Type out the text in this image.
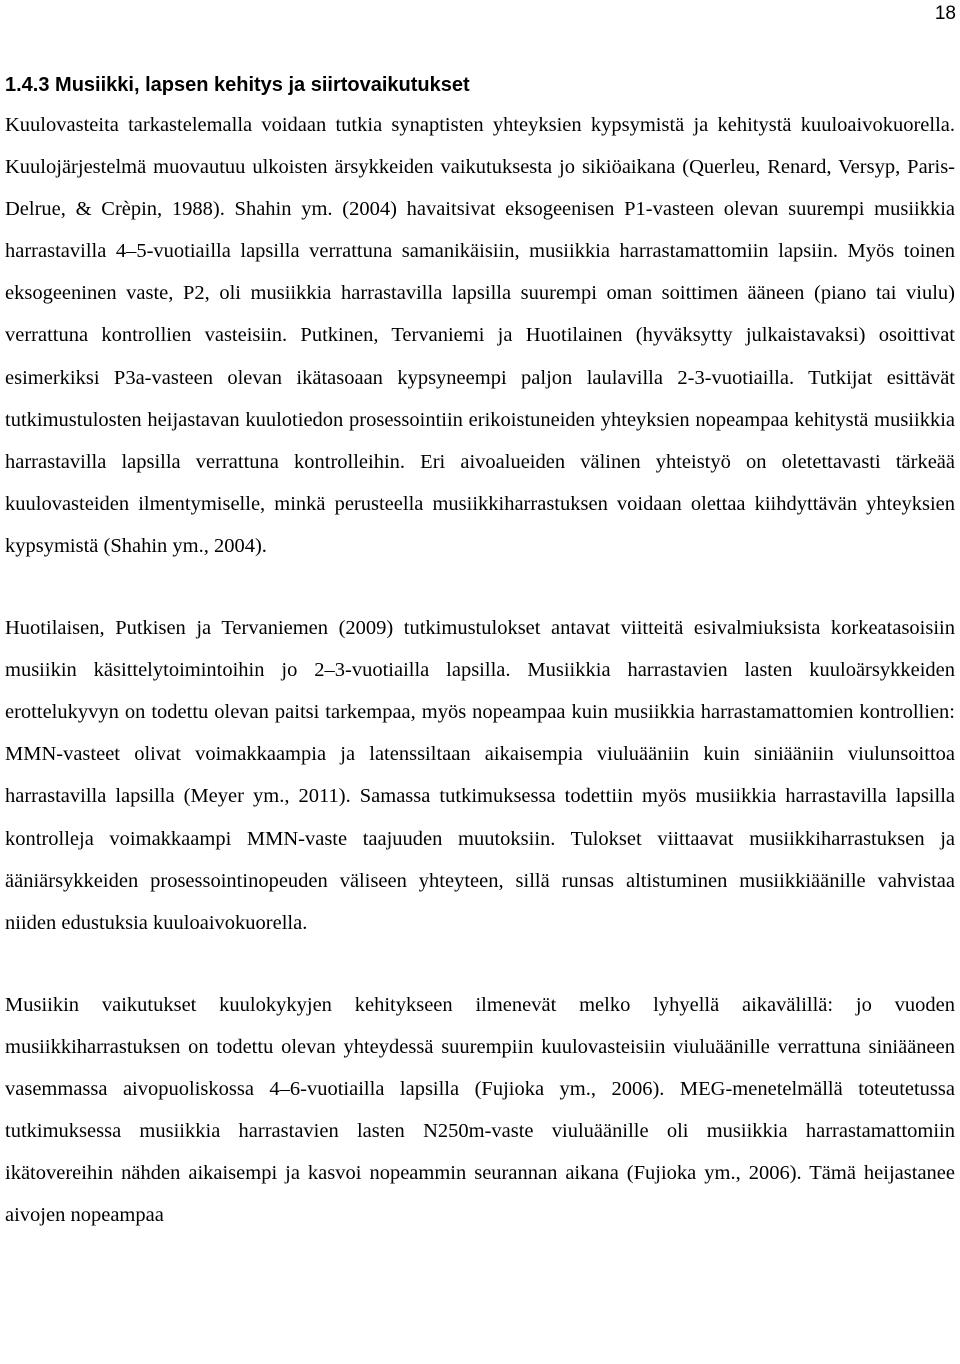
18
1.4.3 Musiikki, lapsen kehitys ja siirtovaikutukset

Kuulovasteita tarkastelemalla voidaan tutkia synaptisten yhteyksien kypsymistä ja kehitystä kuuloaivokuorella. Kuulojärjestelmä muovautuu ulkoisten ärsykkeiden vaikutuksesta jo sikiöaikana (Querleu, Renard, Versyp, Paris-Delrue, & Crèpin, 1988). Shahin ym. (2004) havaitsivat eksogeenisen P1-vasteen olevan suurempi musiikkia harrastavilla 4–5-vuotiailla lapsilla verrattuna samanikäisiin, musiikkia harrastamattomiin lapsiin. Myös toinen eksogeeninen vaste, P2, oli musiikkia harrastavilla lapsilla suurempi oman soittimen ääneen (piano tai viulu) verrattuna kontrollien vasteisiin. Putkinen, Tervaniemi ja Huotilainen (hyväksytty julkaistavaksi) osoittivat esimerkiksi P3a-vasteen olevan ikätasoaan kypsyneempi paljon laulavilla 2-3-vuotiailla. Tutkijat esittävät tutkimustulosten heijastavan kuulotiedon prosessointiin erikoistuneiden yhteyksien nopeampaa kehitystä musiikkia harrastavilla lapsilla verrattuna kontrolleihin. Eri aivoalueiden välinen yhteistyö on oletettavasti tärkeää kuulovasteiden ilmentymiselle, minkä perusteella musiikkiharrastuksen voidaan olettaa kiihdyttävän yhteyksien kypsymistä (Shahin ym., 2004).

Huotilaisen, Putkisen ja Tervaniemen (2009) tutkimustulokset antavat viitteitä esivalmiuksista korkeatasoisiin musiikin käsittelytoimintoihin jo 2–3-vuotiailla lapsilla. Musiikkia harrastavien lasten kuuloärsykkeiden erottelukyvyn on todettu olevan paitsi tarkempaa, myös nopeampaa kuin musiikkia harrastamattomien kontrollien: MMN-vasteet olivat voimakkaampia ja latenssiltaan aikaisempia viuluääniin kuin siniääniin viulunsoittoa harrastavilla lapsilla (Meyer ym., 2011). Samassa tutkimuksessa todettiin myös musiikkia harrastavilla lapsilla kontrolleja voimakkaampi MMN-vaste taajuuden muutoksiin. Tulokset viittaavat musiikkiharrastuksen ja ääniärsykkeiden prosessointinopeuden väliseen yhteyteen, sillä runsas altistuminen musiikkiäänille vahvistaa niiden edustuksia kuuloaivokuorella.

Musiikin vaikutukset kuulokykyjen kehitykseen ilmenevät melko lyhyellä aikavälillä: jo vuoden musiikkiharrastuksen on todettu olevan yhteydessä suurempiin kuulovasteisiin viuluäänille verrattuna siniääneen vasemmassa aivopuoliskossa 4–6-vuotiailla lapsilla (Fujioka ym., 2006). MEG-menetelmällä toteutetussa tutkimuksessa musiikkia harrastavien lasten N250m-vaste viuluäänille oli musiikkia harrastamattomiin ikätovereihin nähden aikaisempi ja kasvoi nopeammin seurannan aikana (Fujioka ym., 2006). Tämä heijastanee aivojen nopeampaa
